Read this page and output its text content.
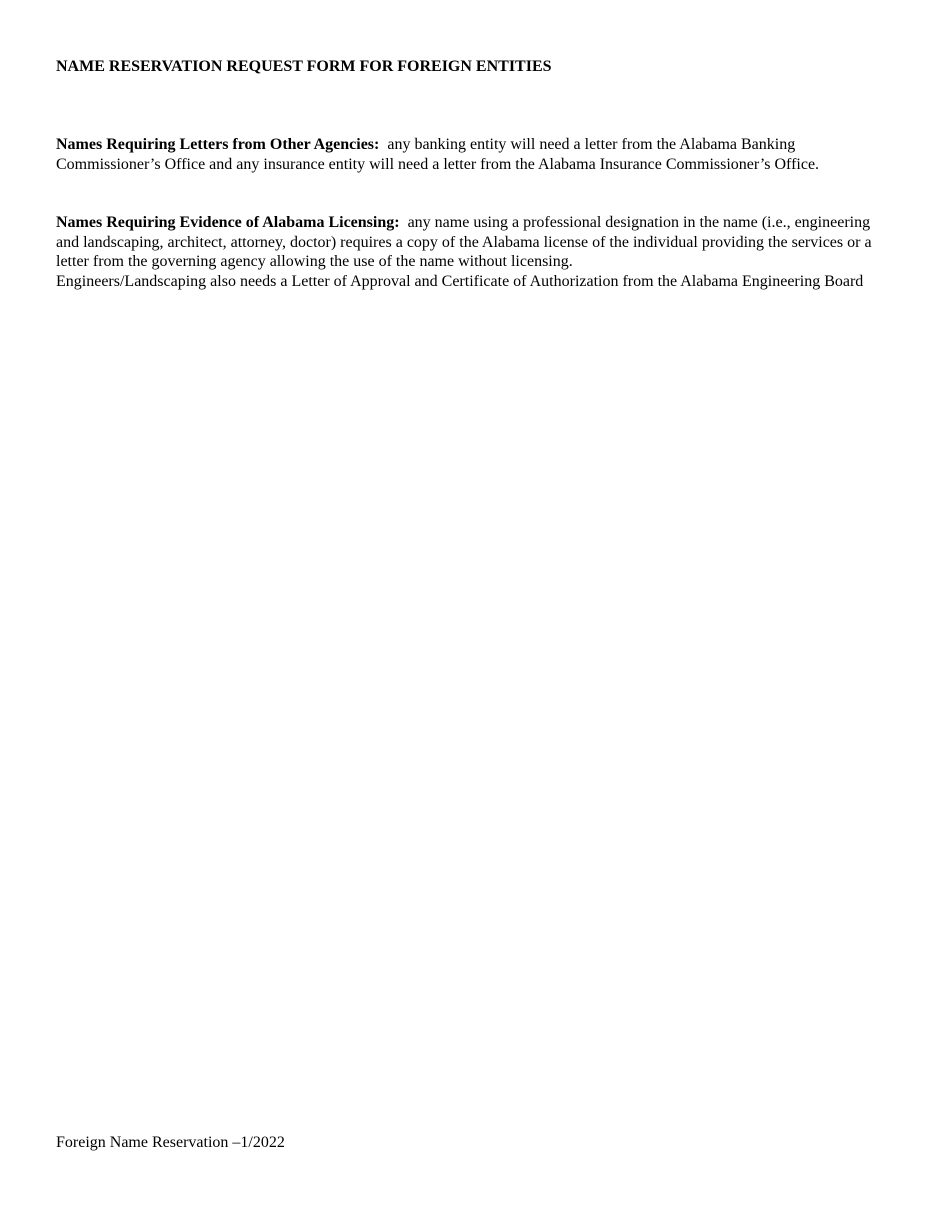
NAME RESERVATION REQUEST FORM FOR FOREIGN ENTITIES
Names Requiring Letters from Other Agencies: any banking entity will need a letter from the Alabama Banking Commissioner’s Office and any insurance entity will need a letter from the Alabama Insurance Commissioner’s Office.
Names Requiring Evidence of Alabama Licensing: any name using a professional designation in the name (i.e., engineering and landscaping, architect, attorney, doctor) requires a copy of the Alabama license of the individual providing the services or a letter from the governing agency allowing the use of the name without licensing.
Engineers/Landscaping also needs a Letter of Approval and Certificate of Authorization from the Alabama Engineering Board
Foreign Name Reservation –1/2022
